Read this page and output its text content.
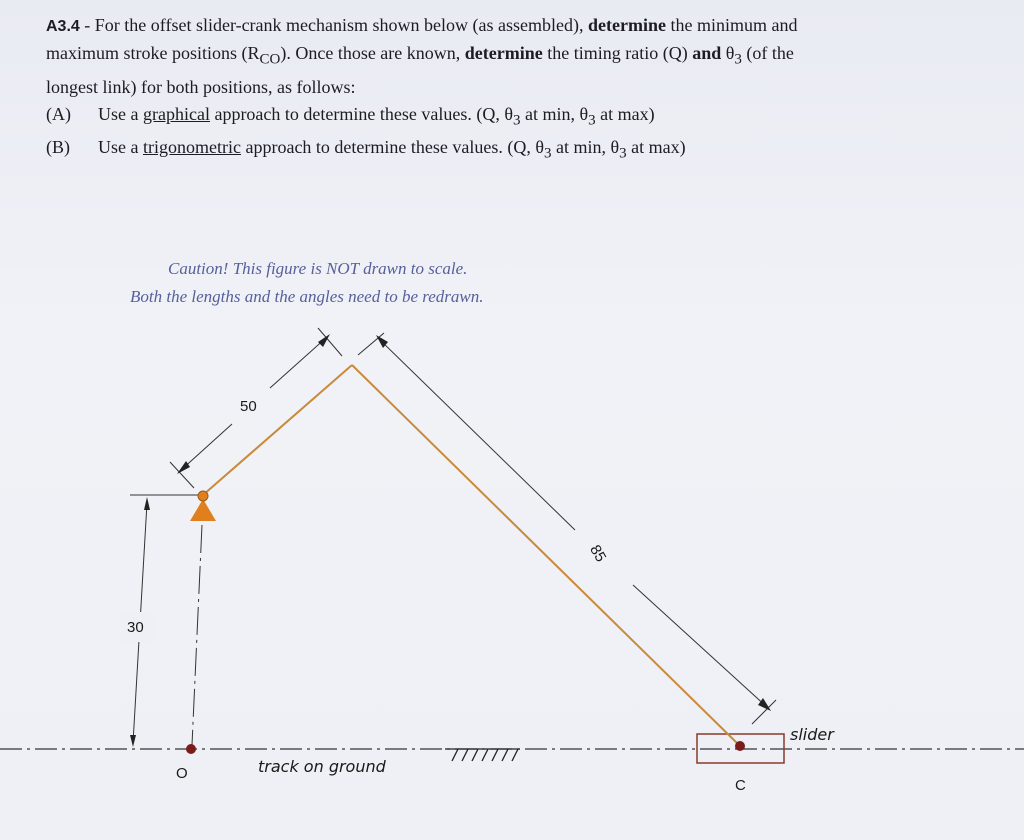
A3.4 - For the offset slider-crank mechanism shown below (as assembled), determine the minimum and
maximum stroke positions $(R_{CO})$. Once those are known, determine the timing ratio (Q) and $\theta_3$ (of the
longest link) for both positions, as follows:
(A) Use a graphical approach to determine these values. (Q, $\theta_3$ at min, $\theta_3$ at max)
(B) Use a trigonometric approach to determine these values. (Q, $\theta_3$ at min, $\theta_3$ at max)
Caution! This figure is NOT drawn to scale.
Both the lengths and the angles need to be redrawn.
30
50
85
slider
O
C
track on ground
